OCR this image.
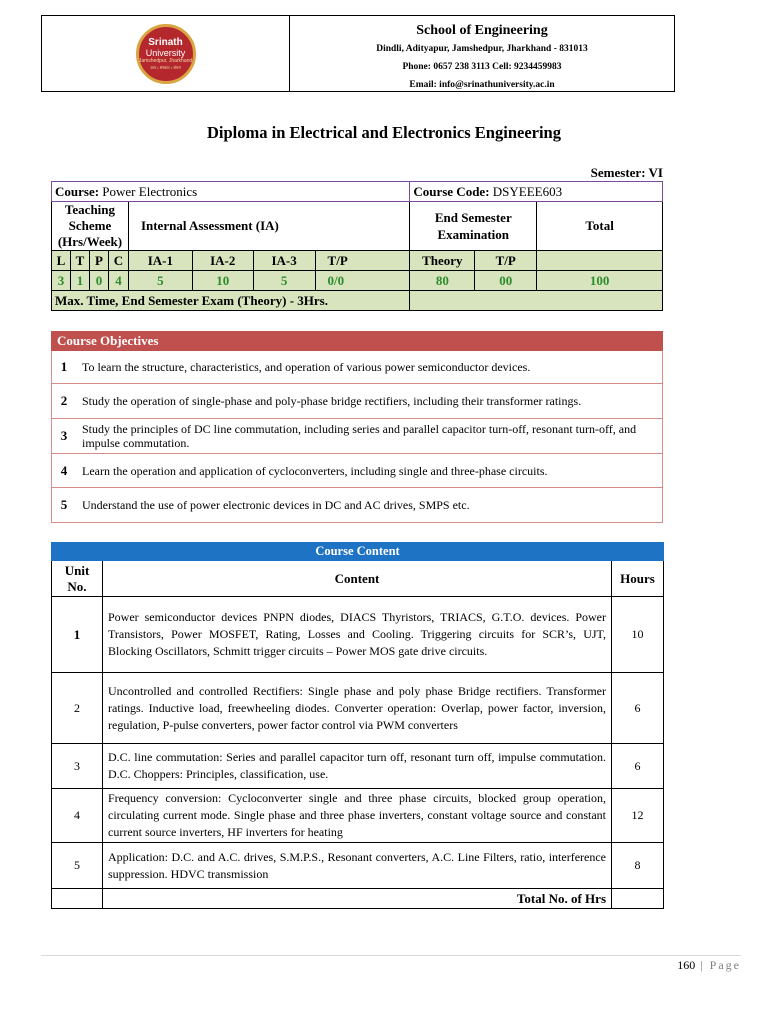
Srinath
University
Jamshedpur, Jharkhand
ज्ञान • संस्कार • संयम
School of Engineering
Dindli, Adityapur, Jamshedpur, Jharkhand - 831013
Phone: 0657 238 3113 Cell: 9234459983
Email: info@srinathuniversity.ac.in
Diploma in Electrical and Electronics Engineering
Semester: VI
Course: Power Electronics								Course Code: DSYEEE603		
Teaching Scheme (Hrs/Week)				Internal Assessment (IA)				End Semester Examination		Total
L	T	P	C	IA-1	IA-2	IA-3	T/P	Theory	T/P	
3	1	0	4	5	10	5	0/0	80	00	100
Max. Time, End Semester Exam (Theory) - 3Hrs.										
Course Objectives
1	To learn the structure, characteristics, and operation of various power semiconductor devices.
2	Study the operation of single-phase and poly-phase bridge rectifiers, including their transformer ratings.
3	Study the principles of DC line commutation, including series and parallel capacitor turn-off, resonant turn-off, and impulse commutation.
4	Learn the operation and application of cycloconverters, including single and three-phase circuits.
5	Understand the use of power electronic devices in DC and AC drives, SMPS etc.
Course Content		
Unit No.	Content	Hours
1	Power semiconductor devices PNPN diodes, DIACS Thyristors, TRIACS, G.T.O. devices. Power Transistors, Power MOSFET, Rating, Losses and Cooling. Triggering circuits for SCR’s, UJT, Blocking Oscillators, Schmitt trigger circuits – Power MOS gate drive circuits.	10
2	Uncontrolled and controlled Rectifiers: Single phase and poly phase Bridge rectifiers. Transformer ratings. Inductive load, freewheeling diodes. Converter operation: Overlap, power factor, inversion, regulation, P-pulse converters, power factor control via PWM converters	6
3	D.C. line commutation: Series and parallel capacitor turn off, resonant turn off, impulse commutation. D.C. Choppers: Principles, classification, use.	6
4	Frequency conversion: Cycloconverter single and three phase circuits, blocked group operation, circulating current mode. Single phase and three phase inverters, constant voltage source and constant current source inverters, HF inverters for heating	12
5	Application: D.C. and A.C. drives, S.M.P.S., Resonant converters, A.C. Line Filters, ratio, interference suppression. HDVC transmission	8
	Total No. of Hrs	
160 | Page
